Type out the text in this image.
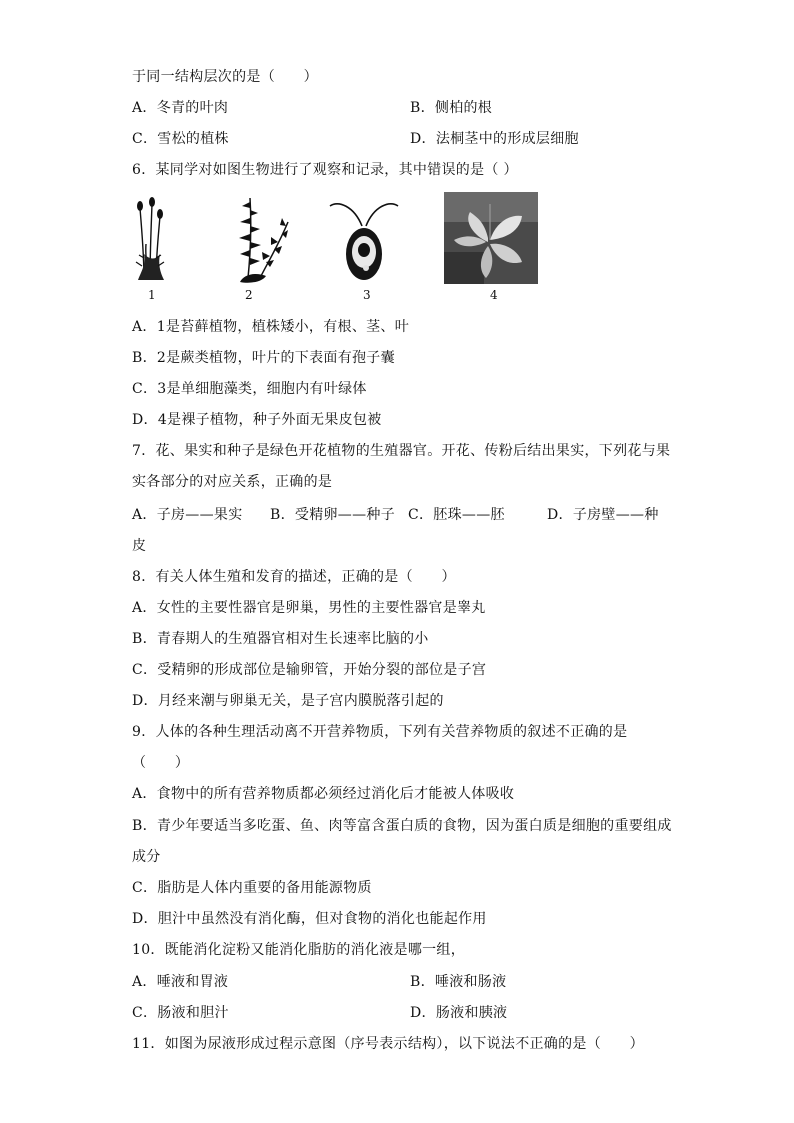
于同一结构层次的是（　　）
A．冬青的叶肉	B．侧柏的根
C．雪松的植株	D．法桐茎中的形成层细胞
6．某同学对如图生物进行了观察和记录，其中错误的是（ ）
1	2	3	4
A．1是苔藓植物，植株矮小，有根、茎、叶
B．2是蕨类植物，叶片的下表面有孢子囊
C．3是单细胞藻类，细胞内有叶绿体
D．4是裸子植物，种子外面无果皮包被
7．花、果实和种子是绿色开花植物的生殖器官。开花、传粉后结出果实，下列花与果
实各部分的对应关系，正确的是
A．子房——果实 B．受精卵——种子 C．胚珠——胚	D．子房壁——种
皮
8．有关人体生殖和发育的描述，正确的是（　　）
A．女性的主要性器官是卵巢，男性的主要性器官是睾丸
B．青春期人的生殖器官相对生长速率比脑的小
C．受精卵的形成部位是输卵管，开始分裂的部位是子宫
D．月经来潮与卵巢无关，是子宫内膜脱落引起的
9．人体的各种生理活动离不开营养物质，下列有关营养物质的叙述不正确的是
（　　）
A．食物中的所有营养物质都必须经过消化后才能被人体吸收
B．青少年要适当多吃蛋、鱼、肉等富含蛋白质的食物，因为蛋白质是细胞的重要组成
成分
C．脂肪是人体内重要的备用能源物质
D．胆汁中虽然没有消化酶，但对食物的消化也能起作用
10．既能消化淀粉又能消化脂肪的消化液是哪一组，
A．唾液和胃液	B．唾液和肠液
C．肠液和胆汁	D．肠液和胰液
11．如图为尿液形成过程示意图（序号表示结构），以下说法不正确的是（　　）
